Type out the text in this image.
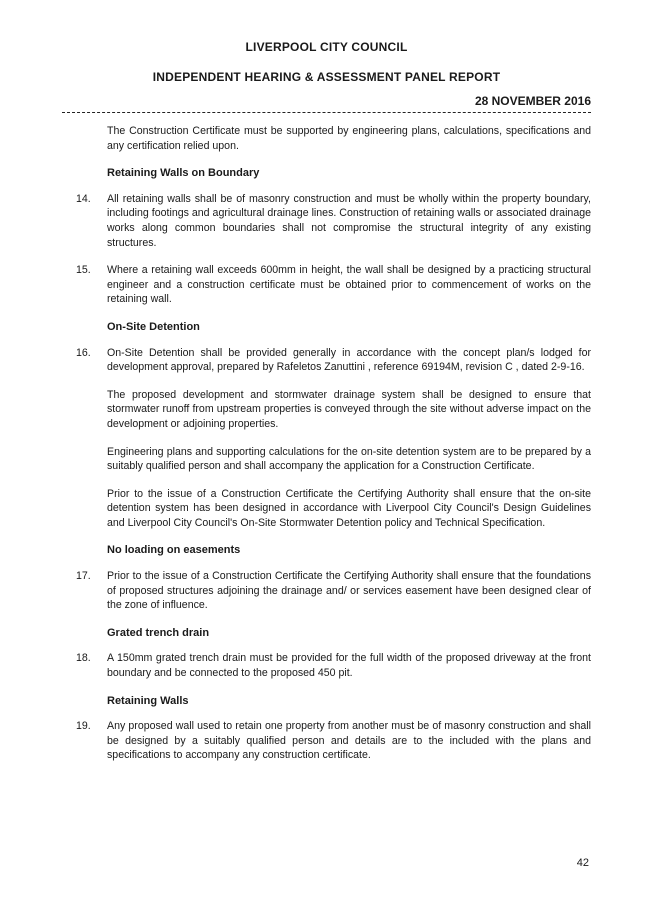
LIVERPOOL CITY COUNCIL
INDEPENDENT HEARING & ASSESSMENT PANEL REPORT
28 NOVEMBER 2016

The Construction Certificate must be supported by engineering plans, calculations, specifications and any certification relied upon.

Retaining Walls on Boundary
14. All retaining walls shall be of masonry construction and must be wholly within the property boundary, including footings and agricultural drainage lines. Construction of retaining walls or associated drainage works along common boundaries shall not compromise the structural integrity of any existing structures.
15. Where a retaining wall exceeds 600mm in height, the wall shall be designed by a practicing structural engineer and a construction certificate must be obtained prior to commencement of works on the retaining wall.
On-Site Detention
16. On-Site Detention shall be provided generally in accordance with the concept plan/s lodged for development approval, prepared by Rafeletos Zanuttini , reference 69194M, revision C , dated 2-9-16.

The proposed development and stormwater drainage system shall be designed to ensure that stormwater runoff from upstream properties is conveyed through the site without adverse impact on the development or adjoining properties.

Engineering plans and supporting calculations for the on-site detention system are to be prepared by a suitably qualified person and shall accompany the application for a Construction Certificate.

Prior to the issue of a Construction Certificate the Certifying Authority shall ensure that the on-site detention system has been designed in accordance with Liverpool City Council's Design Guidelines and Liverpool City Council's On-Site Stormwater Detention policy and Technical Specification.

No loading on easements
17. Prior to the issue of a Construction Certificate the Certifying Authority shall ensure that the foundations of proposed structures adjoining the drainage and/ or services easement have been designed clear of the zone of influence.
Grated trench drain
18. A 150mm grated trench drain must be provided for the full width of the proposed driveway at the front boundary and be connected to the proposed 450 pit.
Retaining Walls
19. Any proposed wall used to retain one property from another must be of masonry construction and shall be designed by a suitably qualified person and details are to the included with the plans and specifications to accompany any construction certificate.
42
